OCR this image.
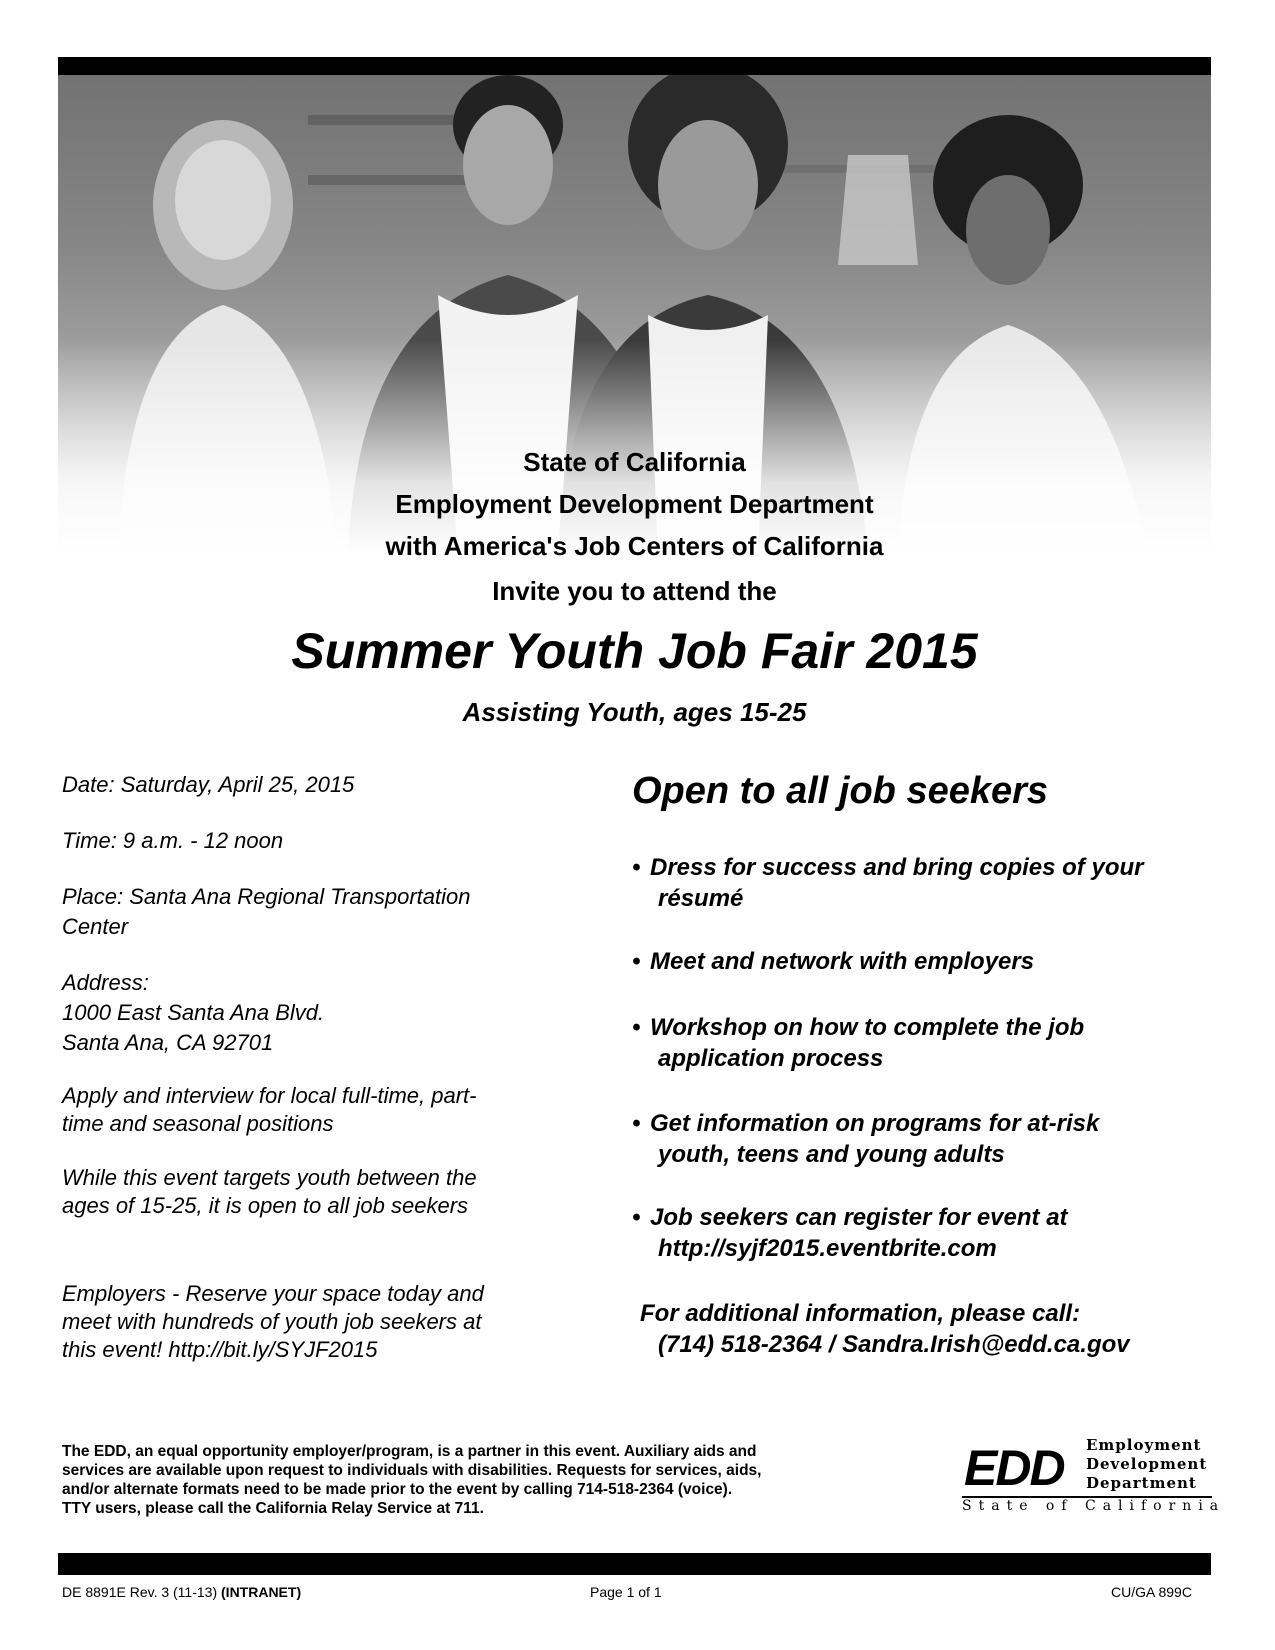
State of California
Employment Development Department
with America's Job Centers of California
Invite you to attend the
Summer Youth Job Fair 2015
Assisting Youth, ages 15-25
Date: Saturday, April 25, 2015
Time: 9 a.m. - 12 noon
Place: Santa Ana Regional Transportation
Center
Address:
1000 East Santa Ana Blvd.
Santa Ana, CA 92701
Apply and interview for local full-time, part-
time and seasonal positions
While this event targets youth between the
ages of 15-25, it is open to all job seekers
Employers - Reserve your space today and
meet with hundreds of youth job seekers at
this event! http://bit.ly/SYJF2015
Open to all job seekers
• Dress for success and bring copies of your
résumé
• Meet and network with employers
• Workshop on how to complete the job
application process
• Get information on programs for at-risk
youth, teens and young adults
• Job seekers can register for event at
http://syjf2015.eventbrite.com
For additional information, please call:
(714) 518-2364 / Sandra.Irish@edd.ca.gov
The EDD, an equal opportunity employer/program, is a partner in this event. Auxiliary aids and
services are available upon request to individuals with disabilities. Requests for services, aids,
and/or alternate formats need to be made prior to the event by calling 714-518-2364 (voice).
TTY users, please call the California Relay Service at 711.
EDD Employment
Development
Department
State of California
DE 8891E Rev. 3 (11-13) (INTRANET)	Page 1 of 1	CU/GA 899C
